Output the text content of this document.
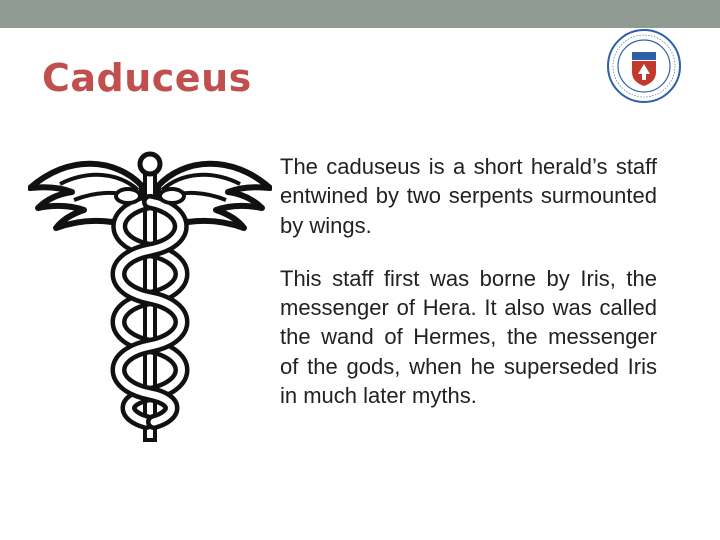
Caduceus

The caduseus is a short herald’s staff entwined by two serpents surmounted by wings.

This staff first was borne by Iris, the messenger of Hera. It also was called the wand of Hermes, the messenger of the gods, when he superseded Iris in much later myths.
